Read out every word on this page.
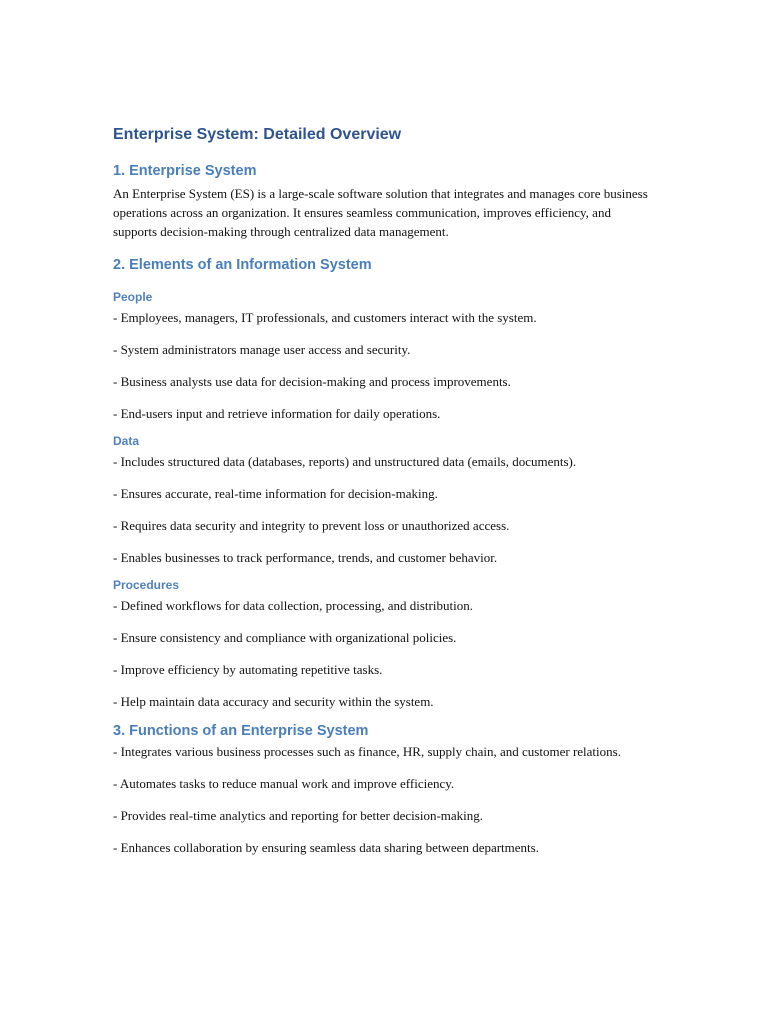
Enterprise System: Detailed Overview
1. Enterprise System

An Enterprise System (ES) is a large-scale software solution that integrates and manages core business operations across an organization. It ensures seamless communication, improves efficiency, and supports decision-making through centralized data management.

2. Elements of an Information System
People

- Employees, managers, IT professionals, and customers interact with the system.

- System administrators manage user access and security.

- Business analysts use data for decision-making and process improvements.

- End-users input and retrieve information for daily operations.

Data

- Includes structured data (databases, reports) and unstructured data (emails, documents).

- Ensures accurate, real-time information for decision-making.

- Requires data security and integrity to prevent loss or unauthorized access.

- Enables businesses to track performance, trends, and customer behavior.

Procedures

- Defined workflows for data collection, processing, and distribution.

- Ensure consistency and compliance with organizational policies.

- Improve efficiency by automating repetitive tasks.

- Help maintain data accuracy and security within the system.

3. Functions of an Enterprise System

- Integrates various business processes such as finance, HR, supply chain, and customer relations.

- Automates tasks to reduce manual work and improve efficiency.

- Provides real-time analytics and reporting for better decision-making.

- Enhances collaboration by ensuring seamless data sharing between departments.
